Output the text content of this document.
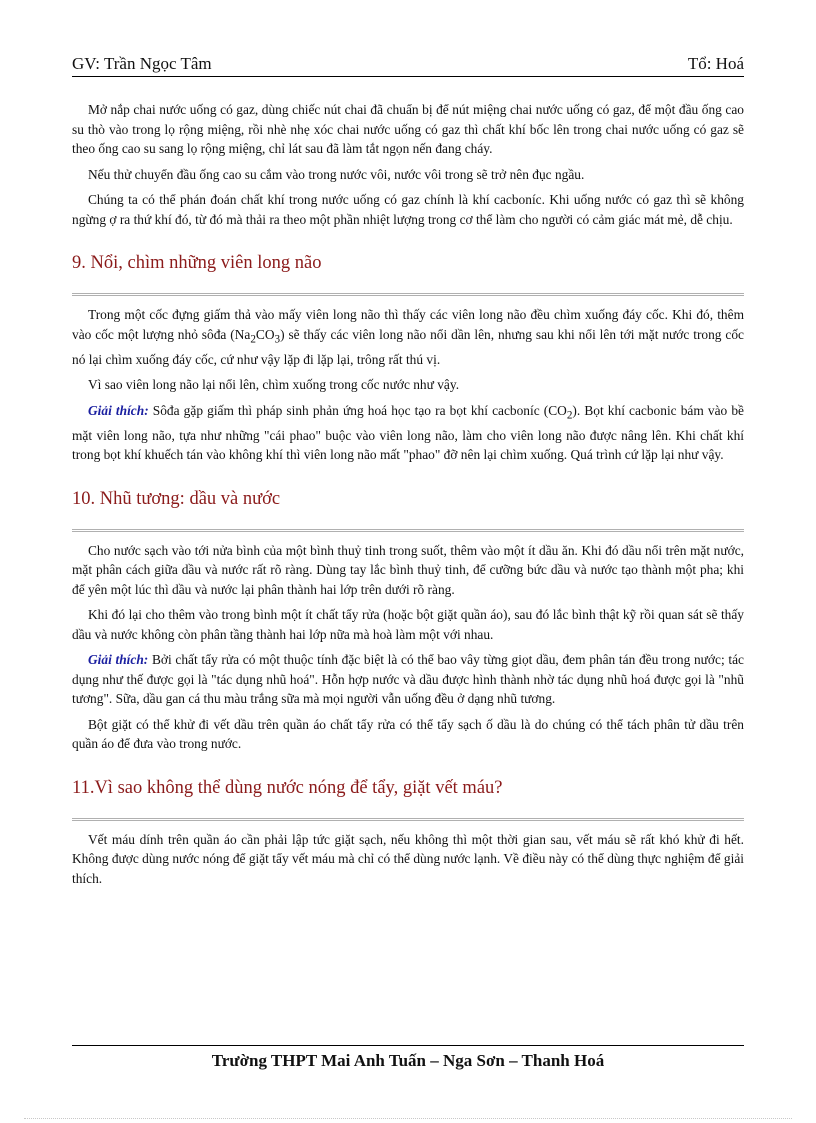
GV: Trần Ngọc Tâm	Tổ: Hoá

Mở nắp chai nước uống có gaz, dùng chiếc nút chai đã chuẩn bị để nút miệng chai nước uống có gaz, để một đầu ống cao su thò vào trong lọ rộng miệng, rồi nhè nhẹ xóc chai nước uống có gaz thì chất khí bốc lên trong chai nước uống có gaz sẽ theo ống cao su sang lọ rộng miệng, chỉ lát sau đã làm tắt ngọn nến đang cháy.

Nếu thử chuyển đầu ống cao su cắm vào trong nước vôi, nước vôi trong sẽ trở nên đục ngầu.

Chúng ta có thể phán đoán chất khí trong nước uống có gaz chính là khí cacboníc. Khi uống nước có gaz thì sẽ không ngừng ợ ra thứ khí đó, từ đó mà thải ra theo một phần nhiệt lượng trong cơ thể làm cho người có cảm giác mát mẻ, dễ chịu.

9. Nổi, chìm những viên long não

Trong một cốc đựng giấm thả vào mấy viên long não thì thấy các viên long não đều chìm xuống đáy cốc. Khi đó, thêm vào cốc một lượng nhỏ sôđa $(Na_2CO_3)$ sẽ thấy các viên long não nổi dần lên, nhưng sau khi nổi lên tới mặt nước trong cốc nó lại chìm xuống đáy cốc, cứ như vậy lặp đi lặp lại, trông rất thú vị.

Vì sao viên long não lại nổi lên, chìm xuống trong cốc nước như vậy.

Giải thích: Sôđa gặp giấm thì pháp sinh phản ứng hoá học tạo ra bọt khí cacboníc $(CO_2)$. Bọt khí cacbonic bám vào bề mặt viên long não, tựa như những "cái phao" buộc vào viên long não, làm cho viên long não được nâng lên. Khi chất khí trong bọt khí khuếch tán vào không khí thì viên long não mất "phao" đỡ nên lại chìm xuống. Quá trình cứ lặp lại như vậy.

10. Nhũ tương: dầu và nước

Cho nước sạch vào tới nửa bình của một bình thuỷ tinh trong suốt, thêm vào một ít dầu ăn. Khi đó dầu nổi trên mặt nước, mặt phân cách giữa dầu và nước rất rõ ràng. Dùng tay lắc bình thuỷ tinh, để cưỡng bức dầu và nước tạo thành một pha; khi để yên một lúc thì dầu và nước lại phân thành hai lớp trên dưới rõ ràng.

Khi đó lại cho thêm vào trong bình một ít chất tẩy rửa (hoặc bột giặt quần áo), sau đó lắc bình thật kỹ rồi quan sát sẽ thấy dầu và nước không còn phân tầng thành hai lớp nữa mà hoà làm một với nhau.

Giải thích: Bởi chất tẩy rửa có một thuộc tính đặc biệt là có thể bao vây từng giọt dầu, đem phân tán đều trong nước; tác dụng như thế được gọi là "tác dụng nhũ hoá". Hỗn hợp nước và dầu được hình thành nhờ tác dụng nhũ hoá được gọi là "nhũ tương". Sữa, dầu gan cá thu màu trắng sữa mà mọi người vẫn uống đều ở dạng nhũ tương.

Bột giặt có thể khử đi vết dầu trên quần áo chất tẩy rửa có thể tẩy sạch ố dầu là do chúng có thể tách phân tử dầu trên quần áo để đưa vào trong nước.

11.Vì sao không thể dùng nước nóng để tẩy, giặt vết máu?

Vết máu dính trên quần áo cần phải lập tức giặt sạch, nếu không thì một thời gian sau, vết máu sẽ rất khó khử đi hết. Không được dùng nước nóng để giặt tẩy vết máu mà chỉ có thể dùng nước lạnh. Về điều này có thể dùng thực nghiệm để giải thích.

Trường THPT Mai Anh Tuấn – Nga Sơn – Thanh Hoá
